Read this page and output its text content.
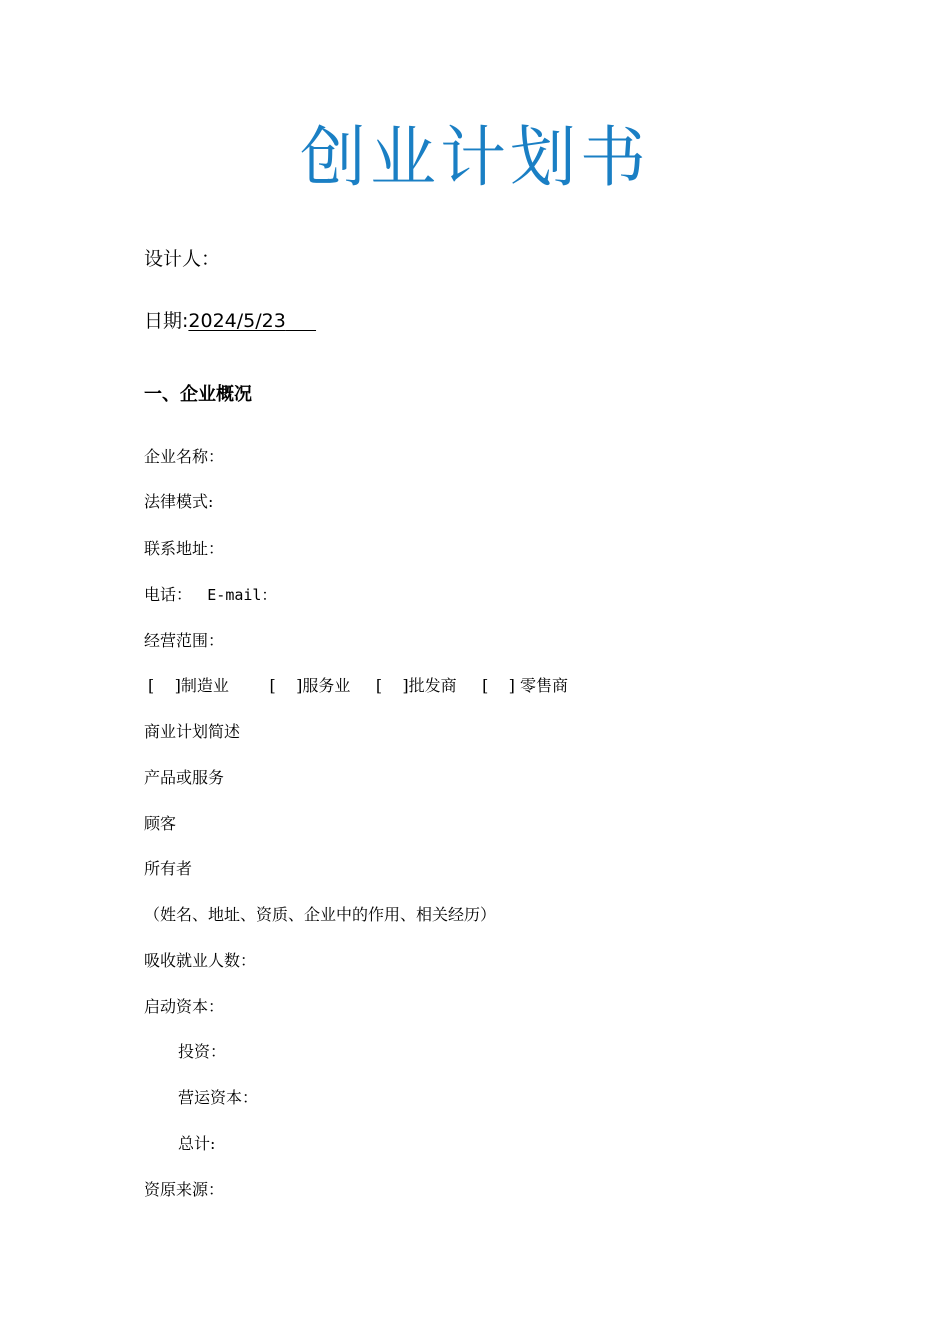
创业计划书
设计人：
日期:2024/5/23
一、企业概况
企业名称：
法律模式:
联系地址：
电话： E-mail：
经营范围：
[    ]制造业	[    ]服务业 [    ]批发商 [    ] 零售商
商业计划简述
产品或服务
顾客
所有者
（姓名、地址、资质、企业中的作用、相关经历）
吸收就业人数：
启动资本：
投资：
营运资本：
总计:
资原来源：
